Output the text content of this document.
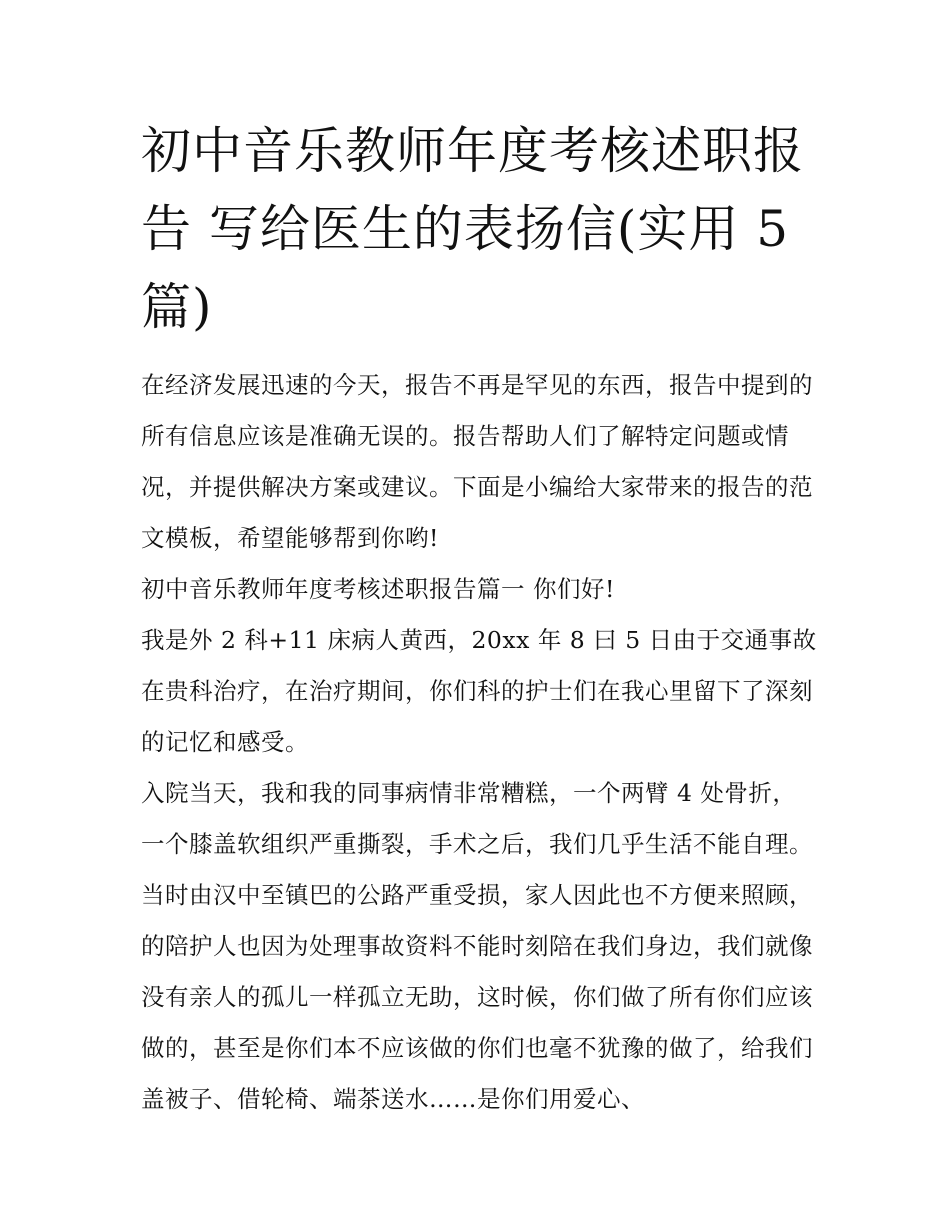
初中音乐教师年度考核述职报告 写给医生的表扬信(实用 5 篇)

在经济发展迅速的今天，报告不再是罕见的东西，报告中提到的所有信息应该是准确无误的。报告帮助人们了解特定问题或情况，并提供解决方案或建议。下面是小编给大家带来的报告的范文模板，希望能够帮到你哟!

初中音乐教师年度考核述职报告篇一 你们好!

我是外 2 科+11 床病人黄西，20xx 年 8 曰 5 日由于交通事故在贵科治疗，在治疗期间，你们科的护士们在我心里留下了深刻的记忆和感受。

入院当天，我和我的同事病情非常糟糕，一个两臂 4 处骨折，一个膝盖软组织严重撕裂，手术之后，我们几乎生活不能自理。当时由汉中至镇巴的公路严重受损，家人因此也不方便来照顾，的陪护人也因为处理事故资料不能时刻陪在我们身边，我们就像没有亲人的孤儿一样孤立无助，这时候，你们做了所有你们应该做的，甚至是你们本不应该做的你们也毫不犹豫的做了，给我们盖被子、借轮椅、端茶送水……是你们用爱心、
